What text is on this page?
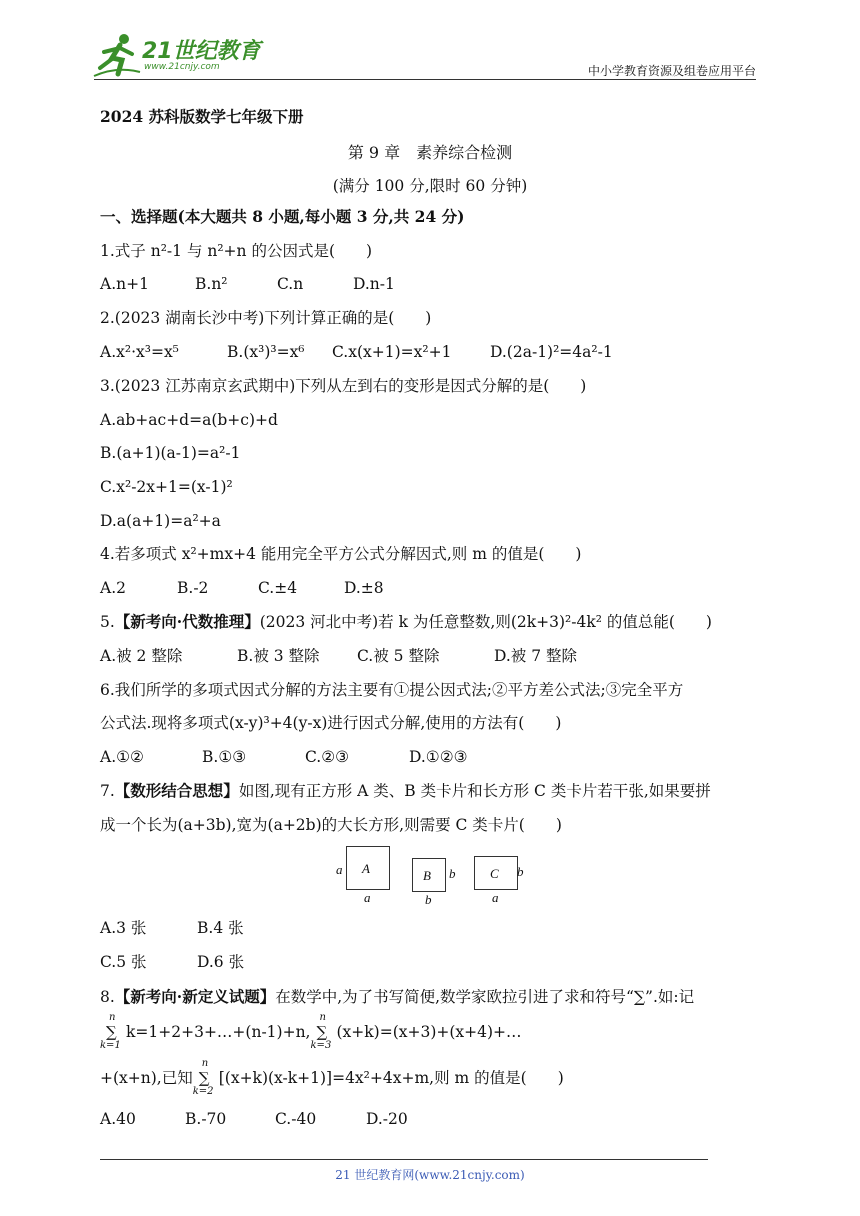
21世纪教育
www.21cnjy.com	中小学教育资源及组卷应用平台
2024 苏科版数学七年级下册
第 9 章　素养综合检测
(满分 100 分,限时 60 分钟)
一、选择题(本大题共 8 小题,每小题 3 分,共 24 分)
1.式子 n²-1 与 n²+n 的公因式是(　　)
A.n+1	B.n²	C.n	D.n-1
2.(2023 湖南长沙中考)下列计算正确的是(　　)
A.x²·x³=x⁵	B.(x³)³=x⁶ C.x(x+1)=x²+1 D.(2a-1)²=4a²-1
3.(2023 江苏南京玄武期中)下列从左到右的变形是因式分解的是(　　)
A.ab+ac+d=a(b+c)+d
B.(a+1)(a-1)=a²-1
C.x²-2x+1=(x-1)²
D.a(a+1)=a²+a
4.若多项式 x²+mx+4 能用完全平方公式分解因式,则 m 的值是(　　)
A.2	B.-2	C.±4	D.±8
5.【新考向·代数推理】(2023 河北中考)若 k 为任意整数,则(2k+3)²-4k² 的值总能(　　)
A.被 2 整除	B.被 3 整除 C.被 5 整除	D.被 7 整除
6.我们所学的多项式因式分解的方法主要有①提公因式法;②平方差公式法;③完全平方
公式法.现将多项式(x-y)³+4(y-x)进行因式分解,使用的方法有(　　)
A.①②	B.①③	C.②③	D.①②③
7.【数形结合思想】如图,现有正方形 A 类、B 类卡片和长方形 C 类卡片若干张,如果要拼
成一个长为(a+3b),宽为(a+2b)的大长方形,则需要 C 类卡片(　　)
a A
a
B b
b
C b
a
A.3 张	B.4 张
C.5 张	D.6 张
8.【新考向·新定义试题】在数学中,为了书写简便,数学家欧拉引进了求和符号“∑”.如:记
n
∑
k=1
k=1+2+3+…+(n-1)+n,
n
∑
k=3
(x+k)=(x+3)+(x+4)+…
+(x+n),已知
n
∑
k=2
[(x+k)(x-k+1)]=4x²+4x+m,则 m 的值是(　　)
A.40	B.-70	C.-40	D.-20
21 世纪教育网(www.21cnjy.com)
